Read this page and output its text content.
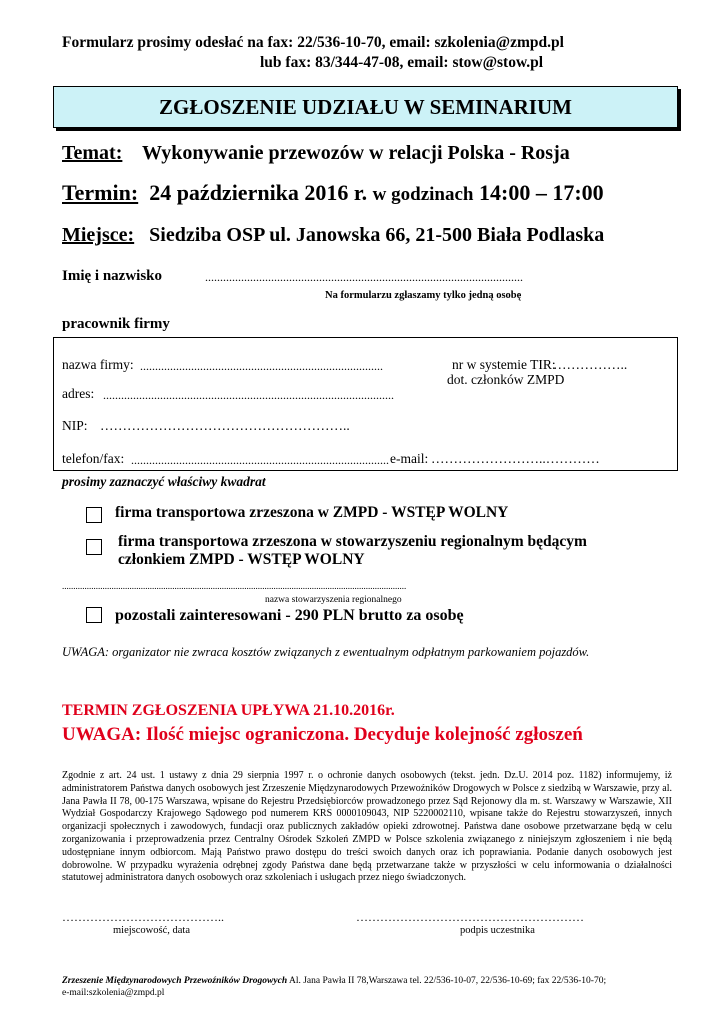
Formularz prosimy odesłać na fax: 22/536-10-70, email: szkolenia@zmpd.pl
lub fax: 83/344-47-08, email: stow@stow.pl
ZGŁOSZENIE UDZIAŁU W SEMINARIUM
Temat: Wykonywanie przewozów w relacji Polska - Rosja
Termin: 24 października 2016 r. w godzinach 14:00 – 17:00
Miejsce: Siedziba OSP ul. Janowska 66, 21-500 Biała Podlaska
Imię i nazwisko	..........................................................................................................
Na formularzu zgłaszamy tylko jedną osobę
pracownik firmy
nazwa firmy: .................................................................................	nr w systemie TIR:
……………..
dot. członków ZMPD
adres: .................................................................................................
NIP: ………………………………………………..
telefon/fax: ...................................................................................... e-mail: ……………………..…………
prosimy zaznaczyć właściwy kwadrat
firma transportowa zrzeszona w ZMPD - WSTĘP WOLNY
firma transportowa zrzeszona w stowarzyszeniu regionalnym będącym
członkiem ZMPD - WSTĘP WOLNY
.........................................................................................................................................................
nazwa stowarzyszenia regionalnego
pozostali zainteresowani - 290 PLN brutto za osobę
UWAGA: organizator nie zwraca kosztów związanych z ewentualnym odpłatnym parkowaniem pojazdów.
TERMIN ZGŁOSZENIA UPŁYWA 21.10.2016r.
UWAGA: Ilość miejsc ograniczona. Decyduje kolejność zgłoszeń
Zgodnie z art. 24 ust. 1 ustawy z dnia 29 sierpnia 1997 r. o ochronie danych osobowych (tekst. jedn. Dz.U. 2014 poz. 1182) informujemy, iż administratorem Państwa danych osobowych jest Zrzeszenie Międzynarodowych Przewoźników Drogowych w Polsce z siedzibą w Warszawie, przy al. Jana Pawła II 78, 00-175 Warszawa, wpisane do Rejestru Przedsiębiorców prowadzonego przez Sąd Rejonowy dla m. st. Warszawy w Warszawie, XII Wydział Gospodarczy Krajowego Sądowego pod numerem KRS 0000109043, NIP 5220002110, wpisane także do Rejestru stowarzyszeń, innych organizacji społecznych i zawodowych, fundacji oraz publicznych zakładów opieki zdrowotnej. Państwa dane osobowe przetwarzane będą w celu zorganizowania i przeprowadzenia przez Centralny Ośrodek Szkoleń ZMPD w Polsce szkolenia związanego z niniejszym zgłoszeniem i nie będą udostępniane innym odbiorcom. Mają Państwo prawo dostępu do treści swoich danych oraz ich poprawiania. Podanie danych osobowych jest dobrowolne. W przypadku wyrażenia odrębnej zgody Państwa dane będą przetwarzane także w przyszłości w celu informowania o działalności statutowej administratora danych osobowych oraz szkoleniach i usługach przez niego świadczonych.
…………………………………..
miejscowość, data
…………………………………………………
podpis uczestnika
Zrzeszenie Międzynarodowych Przewoźników Drogowych Al. Jana Pawła II 78,Warszawa tel. 22/536-10-07, 22/536-10-69; fax 22/536-10-70;
e-mail:szkolenia@zmpd.pl
